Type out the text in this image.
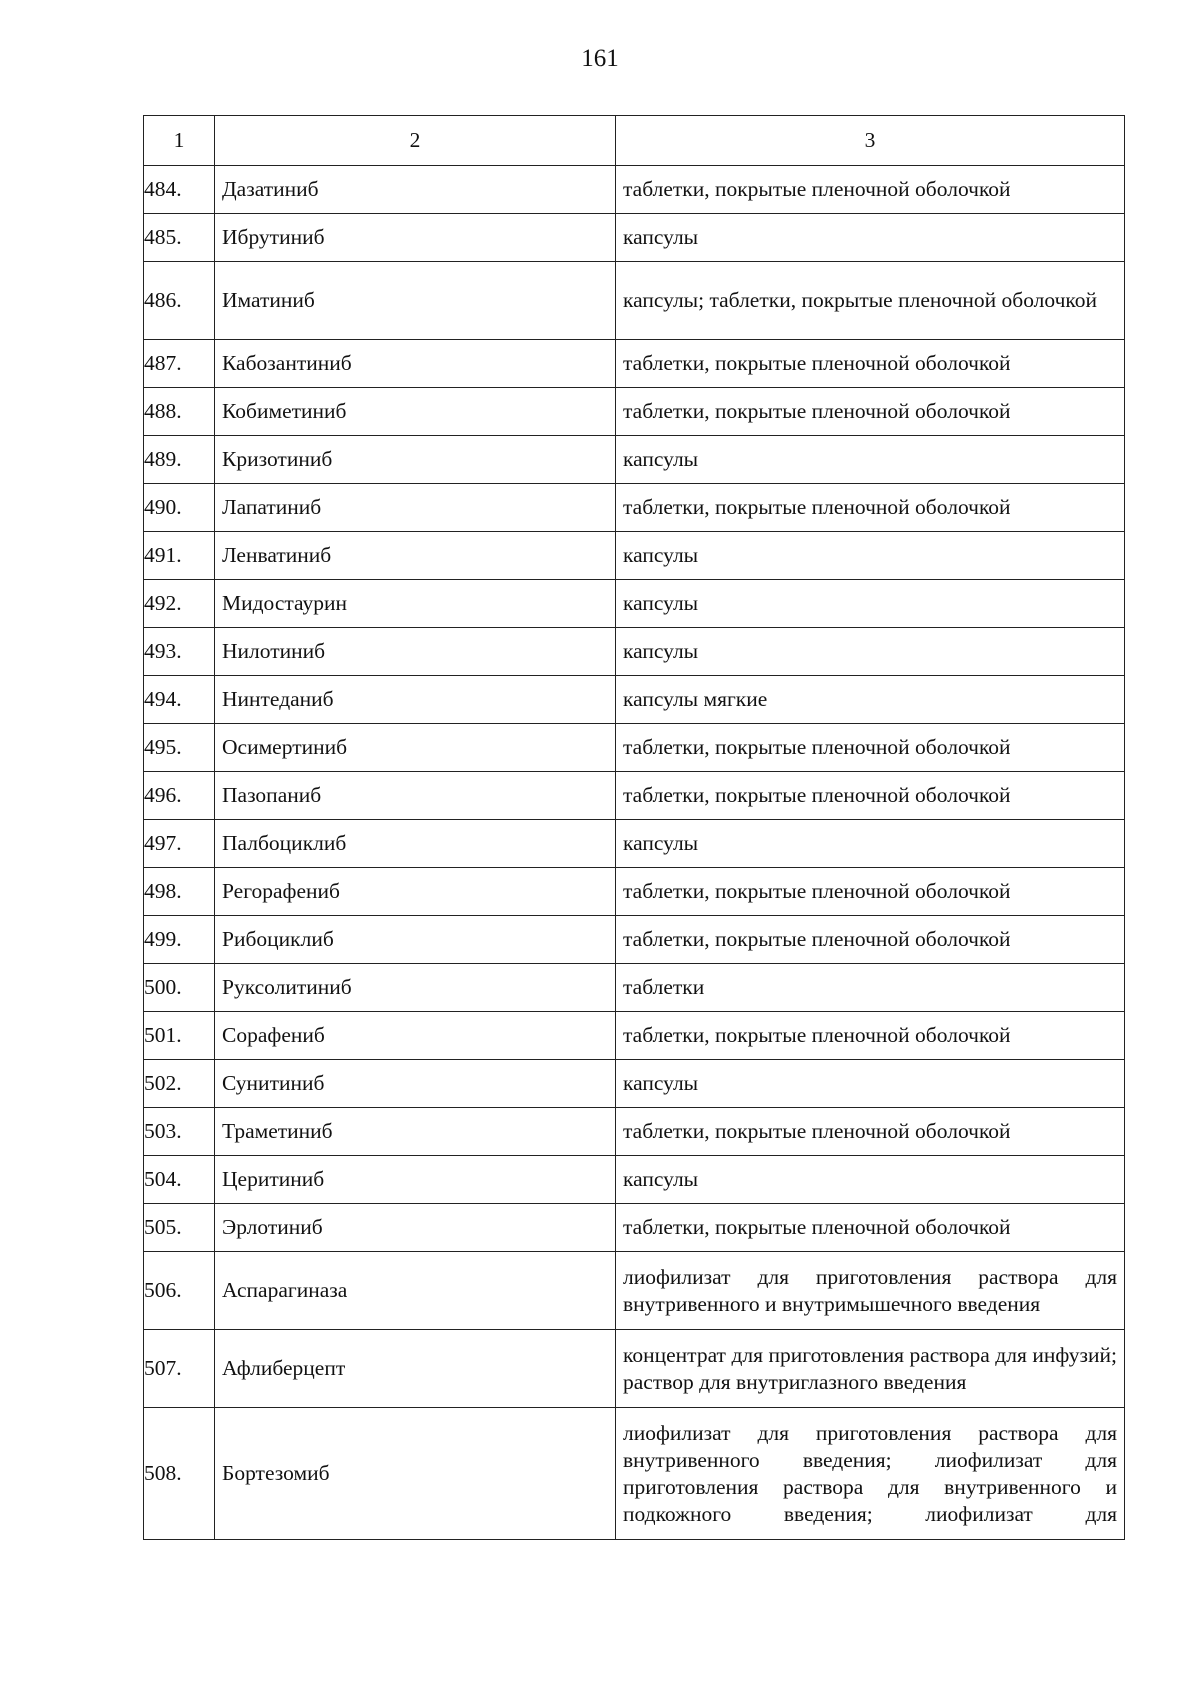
161
1	2	3
484.	Дазатиниб	таблетки, покрытые пленочной оболочкой
485.	Ибрутиниб	капсулы
486.	Иматиниб	капсулы; таблетки, покрытые пленочной оболочкой
487.	Кабозантиниб	таблетки, покрытые пленочной оболочкой
488.	Кобиметиниб	таблетки, покрытые пленочной оболочкой
489.	Кризотиниб	капсулы
490.	Лапатиниб	таблетки, покрытые пленочной оболочкой
491.	Ленватиниб	капсулы
492.	Мидостаурин	капсулы
493.	Нилотиниб	капсулы
494.	Нинтеданиб	капсулы мягкие
495.	Осимертиниб	таблетки, покрытые пленочной оболочкой
496.	Пазопаниб	таблетки, покрытые пленочной оболочкой
497.	Палбоциклиб	капсулы
498.	Регорафениб	таблетки, покрытые пленочной оболочкой
499.	Рибоциклиб	таблетки, покрытые пленочной оболочкой
500.	Руксолитиниб	таблетки
501.	Сорафениб	таблетки, покрытые пленочной оболочкой
502.	Сунитиниб	капсулы
503.	Траметиниб	таблетки, покрытые пленочной оболочкой
504.	Церитиниб	капсулы
505.	Эрлотиниб	таблетки, покрытые пленочной оболочкой
506.	Аспарагиназа	лиофилизат для приготовления раствора для внутривенного и внутримышечного введения
507.	Афлиберцепт	концентрат для приготовления раствора для инфузий; раствор для внутриглазного введения
508.	Бортезомиб	лиофилизат для приготовления раствора для внутривенного введения; лиофилизат для приготовления раствора для внутривенного и подкожного введения; лиофилизат для
